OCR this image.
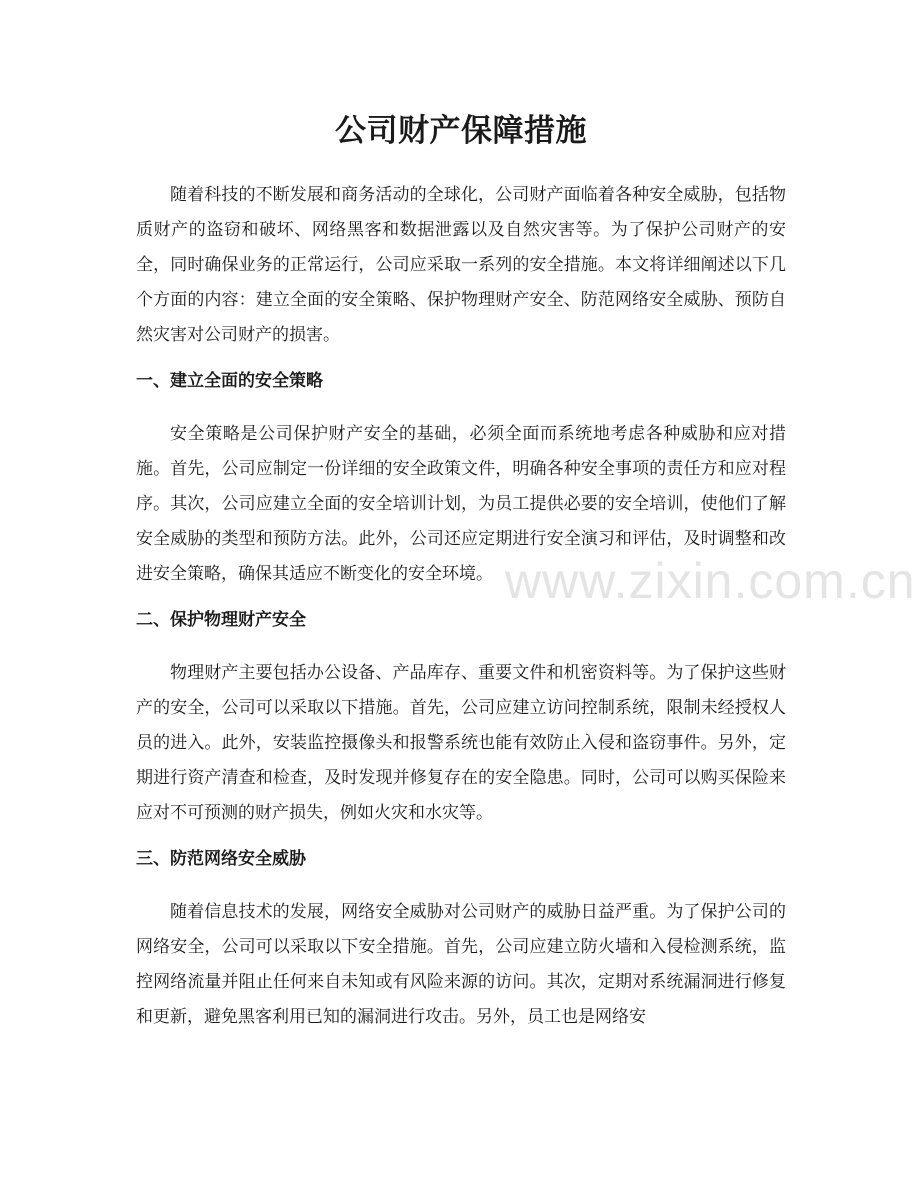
www.zixin.com.cn
公司财产保障措施

随着科技的不断发展和商务活动的全球化，公司财产面临着各种安全威胁，包括物质财产的盗窃和破坏、网络黑客和数据泄露以及自然灾害等。为了保护公司财产的安全，同时确保业务的正常运行，公司应采取一系列的安全措施。本文将详细阐述以下几个方面的内容：建立全面的安全策略、保护物理财产安全、防范网络安全威胁、预防自然灾害对公司财产的损害。

一、建立全面的安全策略

安全策略是公司保护财产安全的基础，必须全面而系统地考虑各种威胁和应对措施。首先，公司应制定一份详细的安全政策文件，明确各种安全事项的责任方和应对程序。其次，公司应建立全面的安全培训计划，为员工提供必要的安全培训，使他们了解安全威胁的类型和预防方法。此外，公司还应定期进行安全演习和评估，及时调整和改进安全策略，确保其适应不断变化的安全环境。

二、保护物理财产安全

物理财产主要包括办公设备、产品库存、重要文件和机密资料等。为了保护这些财产的安全，公司可以采取以下措施。首先，公司应建立访问控制系统，限制未经授权人员的进入。此外，安装监控摄像头和报警系统也能有效防止入侵和盗窃事件。另外，定期进行资产清查和检查，及时发现并修复存在的安全隐患。同时，公司可以购买保险来应对不可预测的财产损失，例如火灾和水灾等。

三、防范网络安全威胁

随着信息技术的发展，网络安全威胁对公司财产的威胁日益严重。为了保护公司的网络安全，公司可以采取以下安全措施。首先，公司应建立防火墙和入侵检测系统，监控网络流量并阻止任何来自未知或有风险来源的访问。其次，定期对系统漏洞进行修复和更新，避免黑客利用已知的漏洞进行攻击。另外，员工也是网络安
